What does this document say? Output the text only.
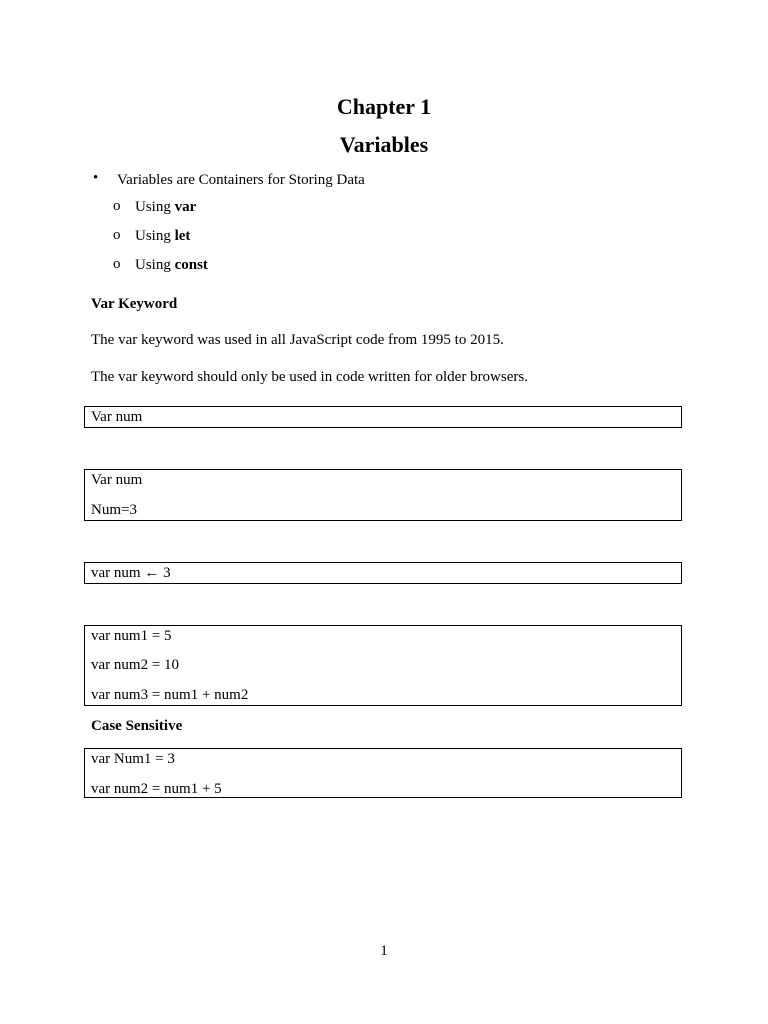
Chapter 1
Variables
• Variables are Containers for Storing Data
o Using var
o Using let
o Using const
Var Keyword
The var keyword was used in all JavaScript code from 1995 to 2015.
The var keyword should only be used in code written for older browsers.
Var num
Var num
Num=3
var num ← 3
var num1 = 5
var num2 = 10
var num3 = num1 + num2
Case Sensitive
var Num1 = 3
var num2 = num1 + 5
1
